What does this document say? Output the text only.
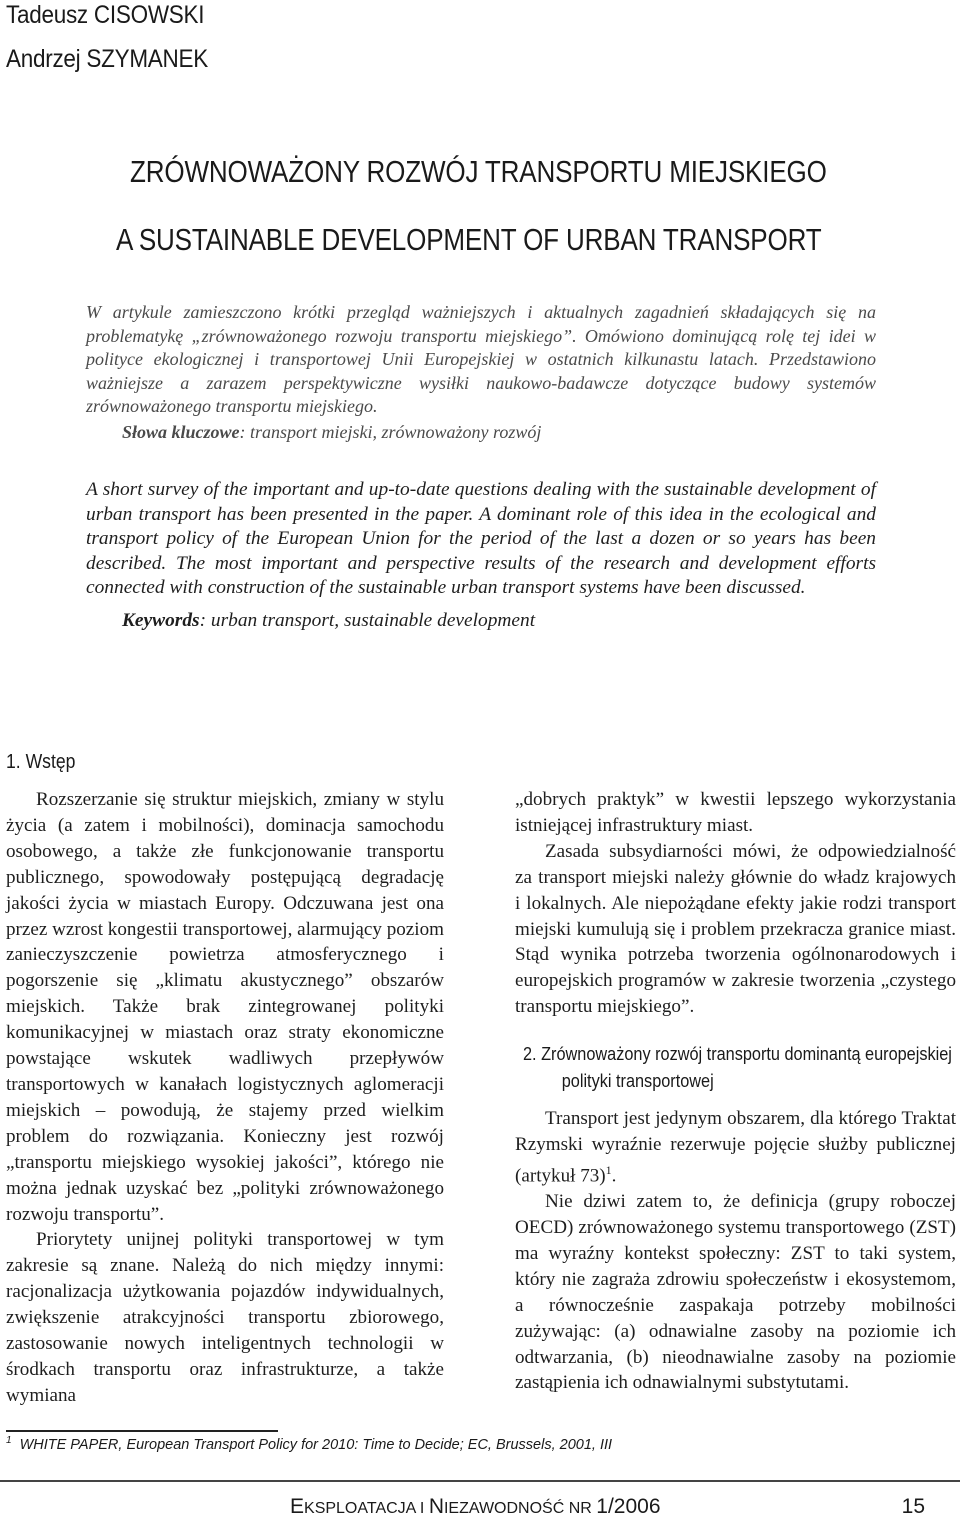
Tadeusz CISOWSKI
Andrzej SZYMANEK
ZRÓWNOWAŻONY ROZWÓJ TRANSPORTU MIEJSKIEGO
A SUSTAINABLE DEVELOPMENT OF URBAN TRANSPORT

W artykule zamieszczono krótki przegląd ważniejszych i aktualnych zagadnień składających się na problematykę „zrównoważonego rozwoju transportu miejskiego”. Omówiono dominującą rolę tej idei w polityce ekologicznej i transportowej Unii Europejskiej w ostatnich kilkunastu latach. Przedstawiono ważniejsze a zarazem perspektywiczne wysiłki naukowo-badawcze dotyczące budowy systemów zrównoważonego transportu miejskiego.

Słowa kluczowe: transport miejski, zrównoważony rozwój

A short survey of the important and up-to-date questions dealing with the sustainable development of urban transport has been presented in the paper. A dominant role of this idea in the ecological and transport policy of the European Union for the period of the last a dozen or so years has been described. The most important and perspective results of the research and development efforts connected with construction of the sustainable urban transport systems have been discussed.

Keywords: urban transport, sustainable development

1. Wstęp

Rozszerzanie się struktur miejskich, zmiany w stylu życia (a zatem i mobilności), dominacja samochodu osobowego, a także złe funkcjonowanie transportu publicznego, spowodowały postępującą degradację jakości życia w miastach Europy. Odczuwana jest ona przez wzrost kongestii transportowej, alarmujący poziom zanieczyszczenie powietrza atmosferycznego i pogorszenie się „klimatu akustycznego” obszarów miejskich. Także brak zintegrowanej polityki komunikacyjnej w miastach oraz straty ekonomiczne powstające wskutek wadliwych przepływów transportowych w kanałach logistycznych aglomeracji miejskich – powodują, że stajemy przed wielkim problem do rozwiązania. Konieczny jest rozwój „transportu miejskiego wysokiej jakości”, którego nie można jednak uzyskać bez „polityki zrównoważonego rozwoju transportu”.

Priorytety unijnej polityki transportowej w tym zakresie są znane. Należą do nich między innymi: racjonalizacja użytkowania pojazdów indywidualnych, zwiększenie atrakcyjności transportu zbiorowego, zastosowanie nowych inteligentnych technologii w środkach transportu oraz infrastrukturze, a także wymiana

„dobrych praktyk” w kwestii lepszego wykorzystania istniejącej infrastruktury miast.

Zasada subsydiarności mówi, że odpowiedzialność za transport miejski należy głównie do władz krajowych i lokalnych. Ale niepożądane efekty jakie rodzi transport miejski kumulują się i problem przekracza granice miast. Stąd wynika potrzeba tworzenia ogólnonarodowych i europejskich programów w zakresie tworzenia „czystego transportu miejskiego”.

2. Zrównoważony rozwój transportu dominantą europejskiej polityki transportowej

Transport jest jedynym obszarem, dla którego Traktat Rzymski wyraźnie rezerwuje pojęcie służby publicznej (artykuł 73)$^1$.

Nie dziwi zatem to, że definicja (grupy roboczej OECD) zrównoważonego systemu transportowego (ZST) ma wyraźny kontekst społeczny: ZST to taki system, który nie zagraża zdrowiu społeczeństw i ekosystemom, a równocześnie zaspakaja potrzeby mobilności zużywając: (a) odnawialne zasoby na poziomie ich odtwarzania, (b) nieodnawialne zasoby na poziomie zastąpienia ich odnawialnymi substytutami.

$^1$ WHITE PAPER, European Transport Policy for 2010: Time to Decide; EC, Brussels, 2001, III
EKSPLOATACJA I NIEZAWODNOŚĆ NR 1/2006	15
